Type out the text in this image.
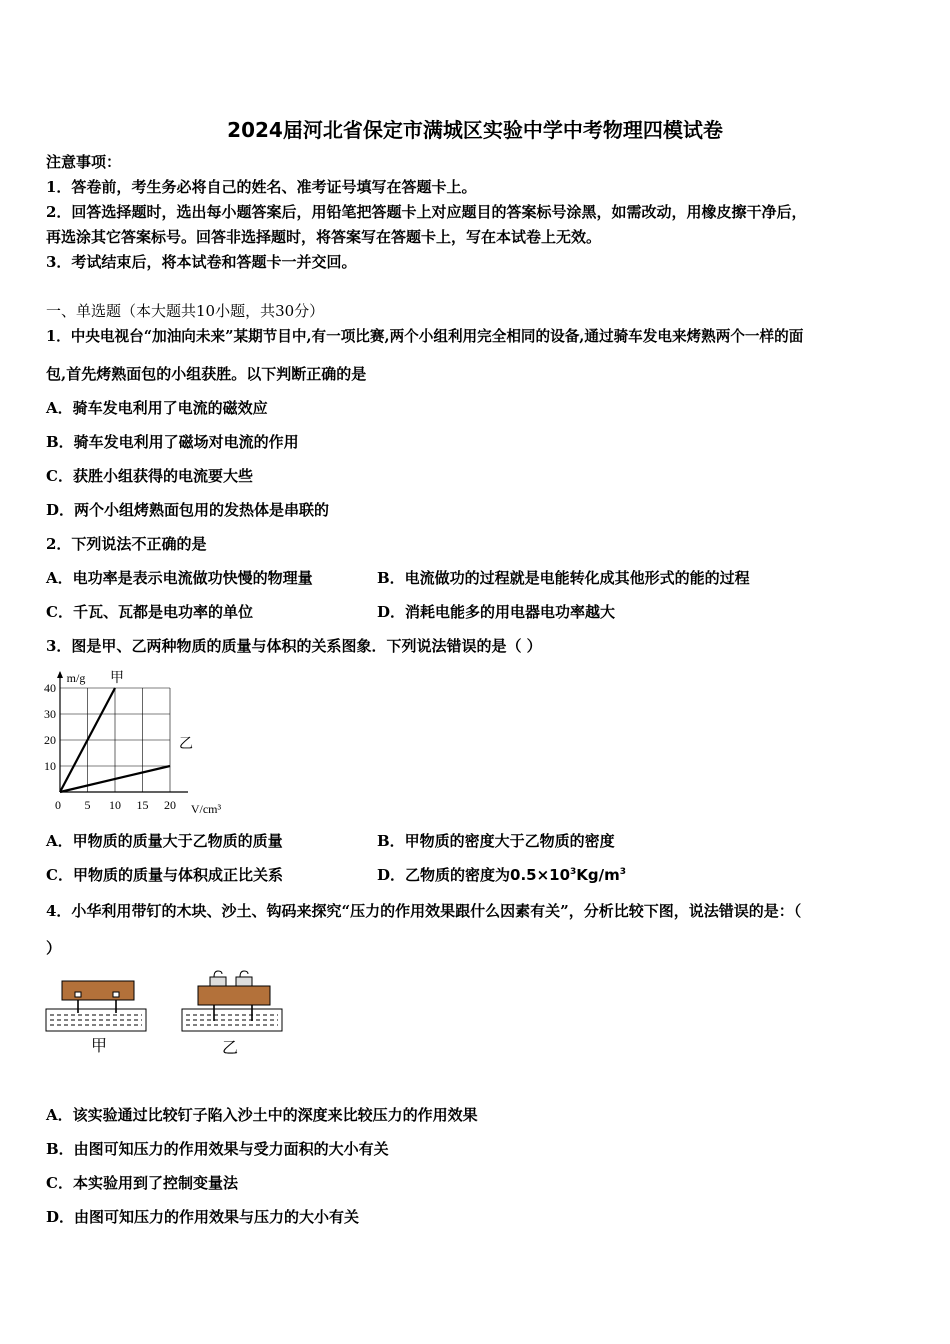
2024届河北省保定市满城区实验中学中考物理四模试卷
注意事项：
1．答卷前，考生务必将自己的姓名、准考证号填写在答题卡上。
2．回答选择题时，选出每小题答案后，用铅笔把答题卡上对应题目的答案标号涂黑，如需改动，用橡皮擦干净后，
再选涂其它答案标号。回答非选择题时，将答案写在答题卡上，写在本试卷上无效。
3．考试结束后，将本试卷和答题卡一并交回。
一、单选题（本大题共10小题，共30分）
1．中央电视台“加油向未来”某期节目中,有一项比赛,两个小组利用完全相同的设备,通过骑车发电来烤熟两个一样的面
包,首先烤熟面包的小组获胜。以下判断正确的是
A．骑车发电利用了电流的磁效应
B．骑车发电利用了磁场对电流的作用
C．获胜小组获得的电流要大些
D．两个小组烤熟面包用的发热体是串联的
2．下列说法不正确的是
A．电功率是表示电流做功快慢的物理量	B．电流做功的过程就是电能转化成其他形式的能的过程
C．千瓦、瓦都是电功率的单位	D．消耗电能多的用电器电功率越大
3．图是甲、乙两种物质的质量与体积的关系图象．下列说法错误的是（ ）
0 5 10 15 20
10
20
30
40
m/g
V/cm³
甲
乙
A．甲物质的质量大于乙物质的质量	B．甲物质的密度大于乙物质的密度
C．甲物质的质量与体积成正比关系	D．乙物质的密度为$0.5\times 10^3Kg/m^3$
4．小华利用带钉的木块、沙土、钩码来探究“压力的作用效果跟什么因素有关”，分析比较下图，说法错误的是：（
）
甲	乙
A．该实验通过比较钉子陷入沙土中的深度来比较压力的作用效果
B．由图可知压力的作用效果与受力面积的大小有关
C．本实验用到了控制变量法
D．由图可知压力的作用效果与压力的大小有关
